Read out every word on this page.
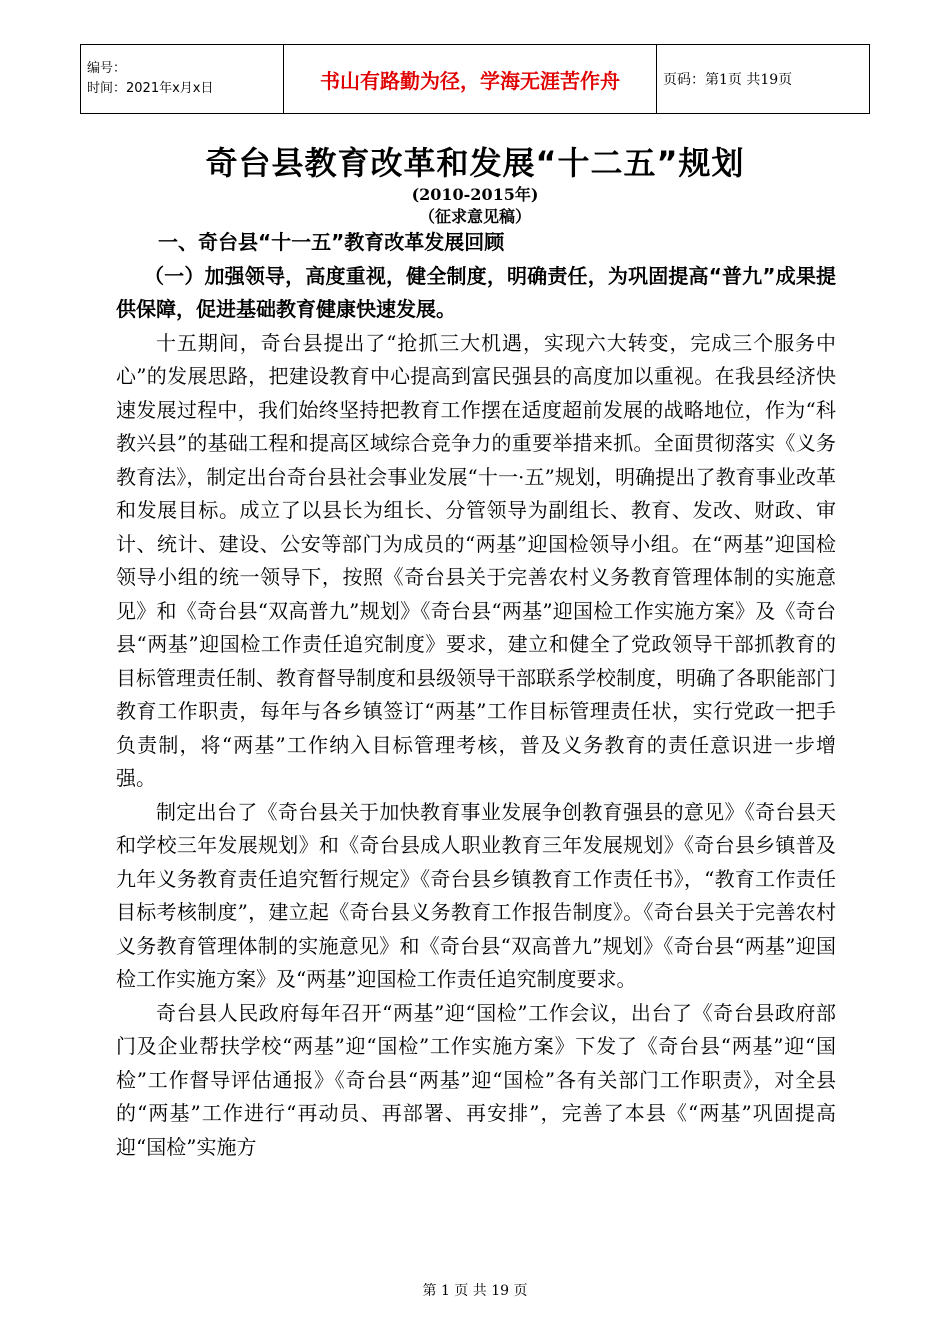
编号：
时间：2021年x月x日	书山有路勤为径，学海无涯苦作舟	页码：第1页 共19页
奇台县教育改革和发展“十二五”规划
(2010-2015年)
（征求意见稿）

一、奇台县“十一五”教育改革发展回顾

（一）加强领导，高度重视，健全制度，明确责任，为巩固提高“普九”成果提供保障，促进基础教育健康快速发展。

十五期间，奇台县提出了“抢抓三大机遇，实现六大转变，完成三个服务中心”的发展思路，把建设教育中心提高到富民强县的高度加以重视。在我县经济快速发展过程中，我们始终坚持把教育工作摆在适度超前发展的战略地位，作为“科教兴县”的基础工程和提高区域综合竞争力的重要举措来抓。全面贯彻落实《义务教育法》，制定出台奇台县社会事业发展“十一·五”规划，明确提出了教育事业改革和发展目标。成立了以县长为组长、分管领导为副组长、教育、发改、财政、审计、统计、建设、公安等部门为成员的“两基”迎国检领导小组。在“两基”迎国检领导小组的统一领导下，按照《奇台县关于完善农村义务教育管理体制的实施意见》和《奇台县“双高普九”规划》《奇台县“两基”迎国检工作实施方案》及《奇台县“两基”迎国检工作责任追究制度》要求，建立和健全了党政领导干部抓教育的目标管理责任制、教育督导制度和县级领导干部联系学校制度，明确了各职能部门教育工作职责，每年与各乡镇签订“两基”工作目标管理责任状，实行党政一把手负责制，将“两基”工作纳入目标管理考核，普及义务教育的责任意识进一步增强。

制定出台了《奇台县关于加快教育事业发展争创教育强县的意见》《奇台县天和学校三年发展规划》和《奇台县成人职业教育三年发展规划》《奇台县乡镇普及九年义务教育责任追究暂行规定》《奇台县乡镇教育工作责任书》，“教育工作责任目标考核制度”，建立起《奇台县义务教育工作报告制度》。《奇台县关于完善农村义务教育管理体制的实施意见》和《奇台县“双高普九”规划》《奇台县“两基”迎国检工作实施方案》及“两基”迎国检工作责任追究制度要求。

奇台县人民政府每年召开“两基”迎“国检”工作会议，出台了《奇台县政府部门及企业帮扶学校“两基”迎“国检”工作实施方案》下发了《奇台县“两基”迎“国检”工作督导评估通报》《奇台县“两基”迎“国检”各有关部门工作职责》，对全县的“两基”工作进行“再动员、再部署、再安排”，完善了本县《“两基”巩固提高迎“国检”实施方

第 1 页 共 19 页
